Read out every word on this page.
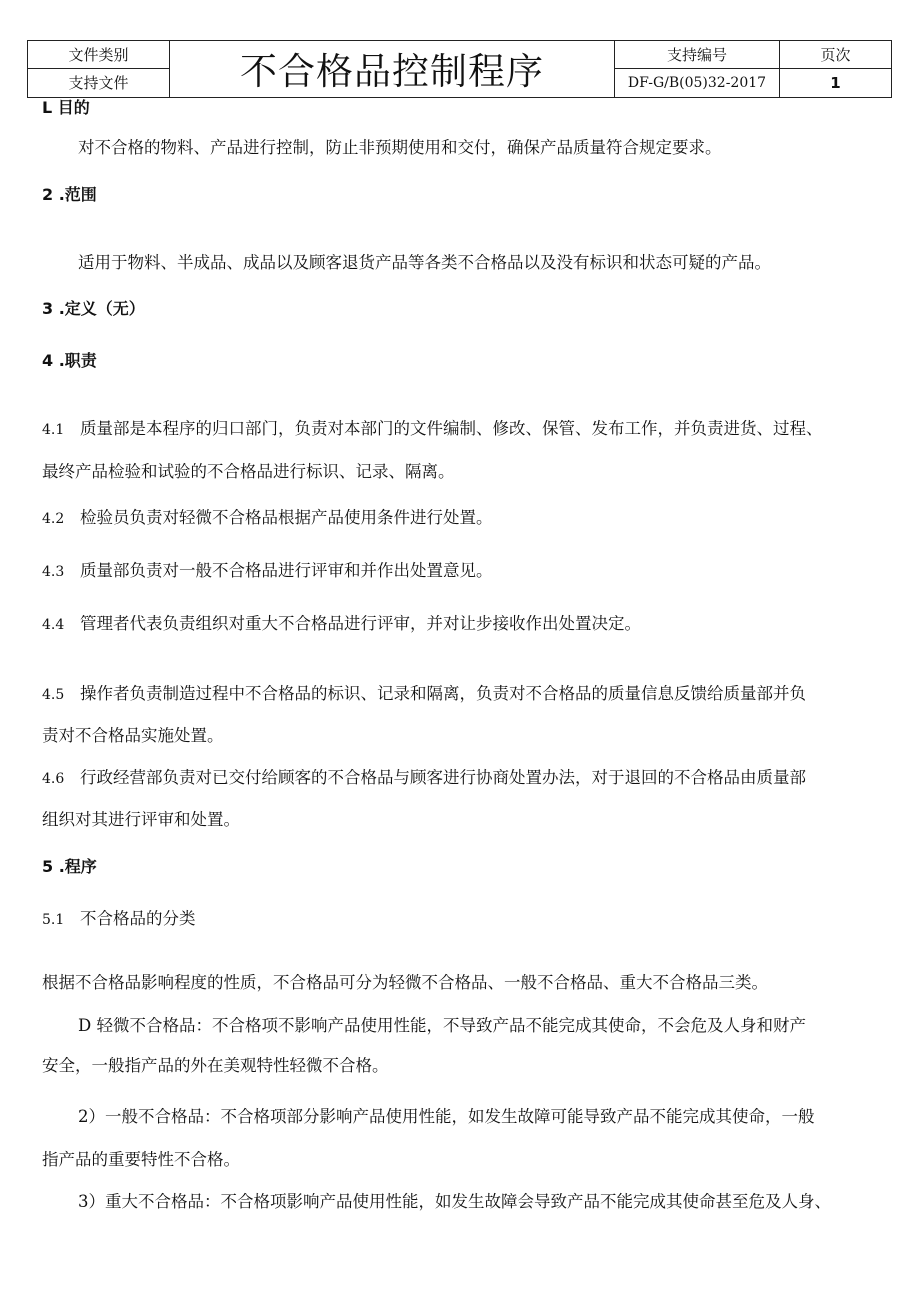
文件类别	不合格品控制程序	支持编号	页次
支持文件		DF-G/B(05)32-2017	1
L 目的
对不合格的物料、产品进行控制，防止非预期使用和交付，确保产品质量符合规定要求。
2 .范围
适用于物料、半成品、成品以及顾客退货产品等各类不合格品以及没有标识和状态可疑的产品。
3 .定义（无）
4 .职责
4.1 质量部是本程序的归口部门，负责对本部门的文件编制、修改、保管、发布工作，并负责进货、过程、
最终产品检验和试验的不合格品进行标识、记录、隔离。
4.2 检验员负责对轻微不合格品根据产品使用条件进行处置。
4.3 质量部负责对一般不合格品进行评审和并作出处置意见。
4.4 管理者代表负责组织对重大不合格品进行评审，并对让步接收作出处置决定。
4.5 操作者负责制造过程中不合格品的标识、记录和隔离，负责对不合格品的质量信息反馈给质量部并负
责对不合格品实施处置。
4.6 行政经营部负责对已交付给顾客的不合格品与顾客进行协商处置办法，对于退回的不合格品由质量部
组织对其进行评审和处置。
5 .程序
5.1 不合格品的分类
根据不合格品影响程度的性质，不合格品可分为轻微不合格品、一般不合格品、重大不合格品三类。
D 轻微不合格品：不合格项不影响产品使用性能，不导致产品不能完成其使命，不会危及人身和财产
安全，一般指产品的外在美观特性轻微不合格。
2）一般不合格品：不合格项部分影响产品使用性能，如发生故障可能导致产品不能完成其使命，一般
指产品的重要特性不合格。
3）重大不合格品：不合格项影响产品使用性能，如发生故障会导致产品不能完成其使命甚至危及人身、
